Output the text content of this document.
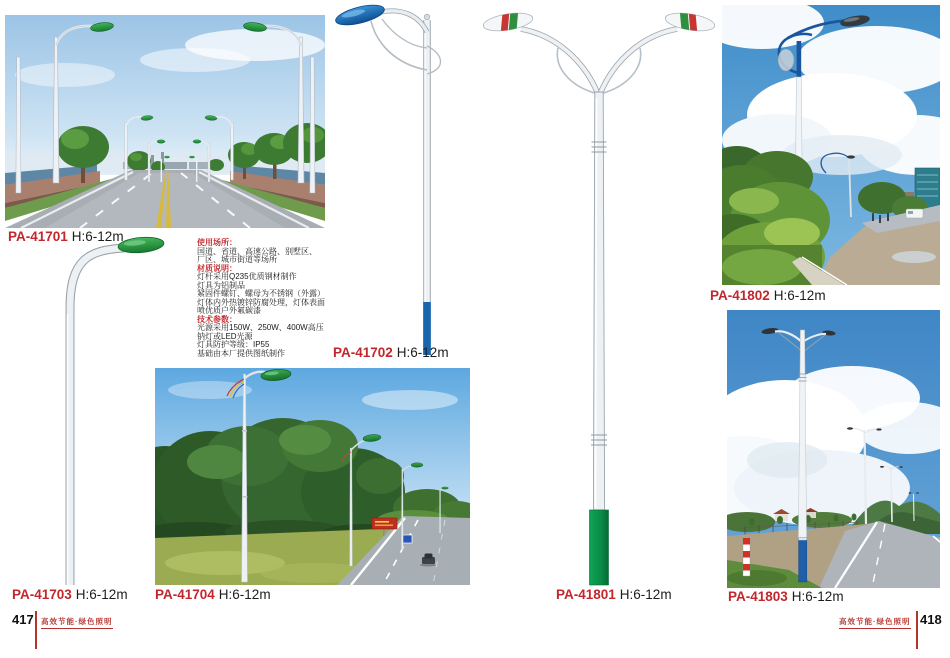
使用场所：
国道、省道、高速公路、别墅区、
厂区、城市街道等场所
材质说明：
灯杆采用Q235优质钢材制作
灯具为铝制品
紧固件螺钉、螺母为不锈钢（外露）
灯体内外热镀锌防腐处理，灯体表面
喷优质户外氟碳漆
技术参数：
光源采用150W、250W、400W高压
钠灯或LED光源
灯具防护等级：IP55
基础由本厂提供图纸制作
PA-41701 H:6-12m
PA-41702 H:6-12m
PA-41703 H:6-12m PA-41704 H:6-12m	PA-41801 H:6-12m
PA-41802 H:6-12m
PA-41803 H:6-12m
417 高效节能·绿色照明	高效节能·绿色照明 418
